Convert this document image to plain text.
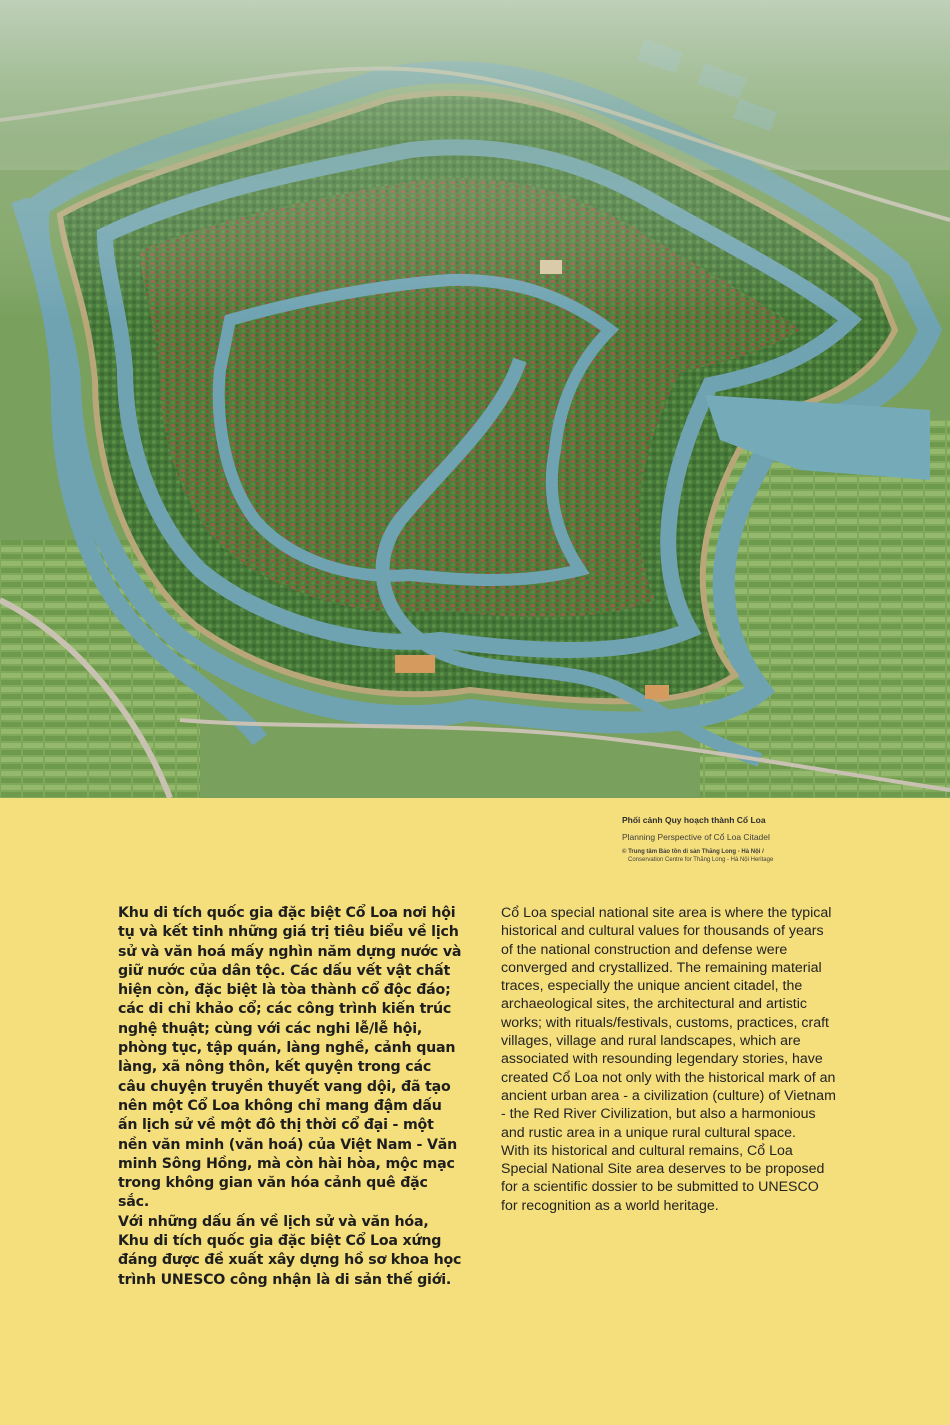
Phối cảnh Quy hoạch thành Cổ Loa

Planning Perspective of Cổ Loa Citadel

© Trung tâm Bảo tồn di sản Thăng Long - Hà Nội /

Conservation Centre for Thăng Long - Hà Nội Heritage

Khu di tích quốc gia đặc biệt Cổ Loa nơi hội tụ và kết tinh những giá trị tiêu biểu về lịch sử và văn hoá mấy nghìn năm dựng nước và giữ nước của dân tộc. Các dấu vết vật chất hiện còn, đặc biệt là tòa thành cổ độc đáo; các di chỉ khảo cổ; các công trình kiến trúc nghệ thuật; cùng với các nghi lễ/lễ hội, phòng tục, tập quán, làng nghề, cảnh quan làng, xã nông thôn, kết quyện trong các câu chuyện truyền thuyết vang dội, đã tạo nên một Cổ Loa không chỉ mang đậm dấu ấn lịch sử về một đô thị thời cổ đại - một nền văn minh (văn hoá) của Việt Nam - Văn minh Sông Hồng, mà còn hài hòa, mộc mạc trong không gian văn hóa cảnh quê đặc sắc.

Với những dấu ấn về lịch sử và văn hóa, Khu di tích quốc gia đặc biệt Cổ Loa xứng đáng được đề xuất xây dựng hồ sơ khoa học trình UNESCO công nhận là di sản thế giới.

Cổ Loa special national site area is where the typical historical and cultural values for thousands of years of the national construction and defense were converged and crystallized. The remaining material traces, especially the unique ancient citadel, the archaeological sites, the architectural and artistic works; with rituals/festivals, customs, practices, craft villages, village and rural landscapes, which are associated with resounding legendary stories, have created Cổ Loa not only with the historical mark of an ancient urban area - a civilization (culture) of Vietnam - the Red River Civilization, but also a harmonious and rustic area in a unique rural cultural space.

With its historical and cultural remains, Cổ Loa Special National Site area deserves to be proposed for a scientific dossier to be submitted to UNESCO for recognition as a world heritage.
